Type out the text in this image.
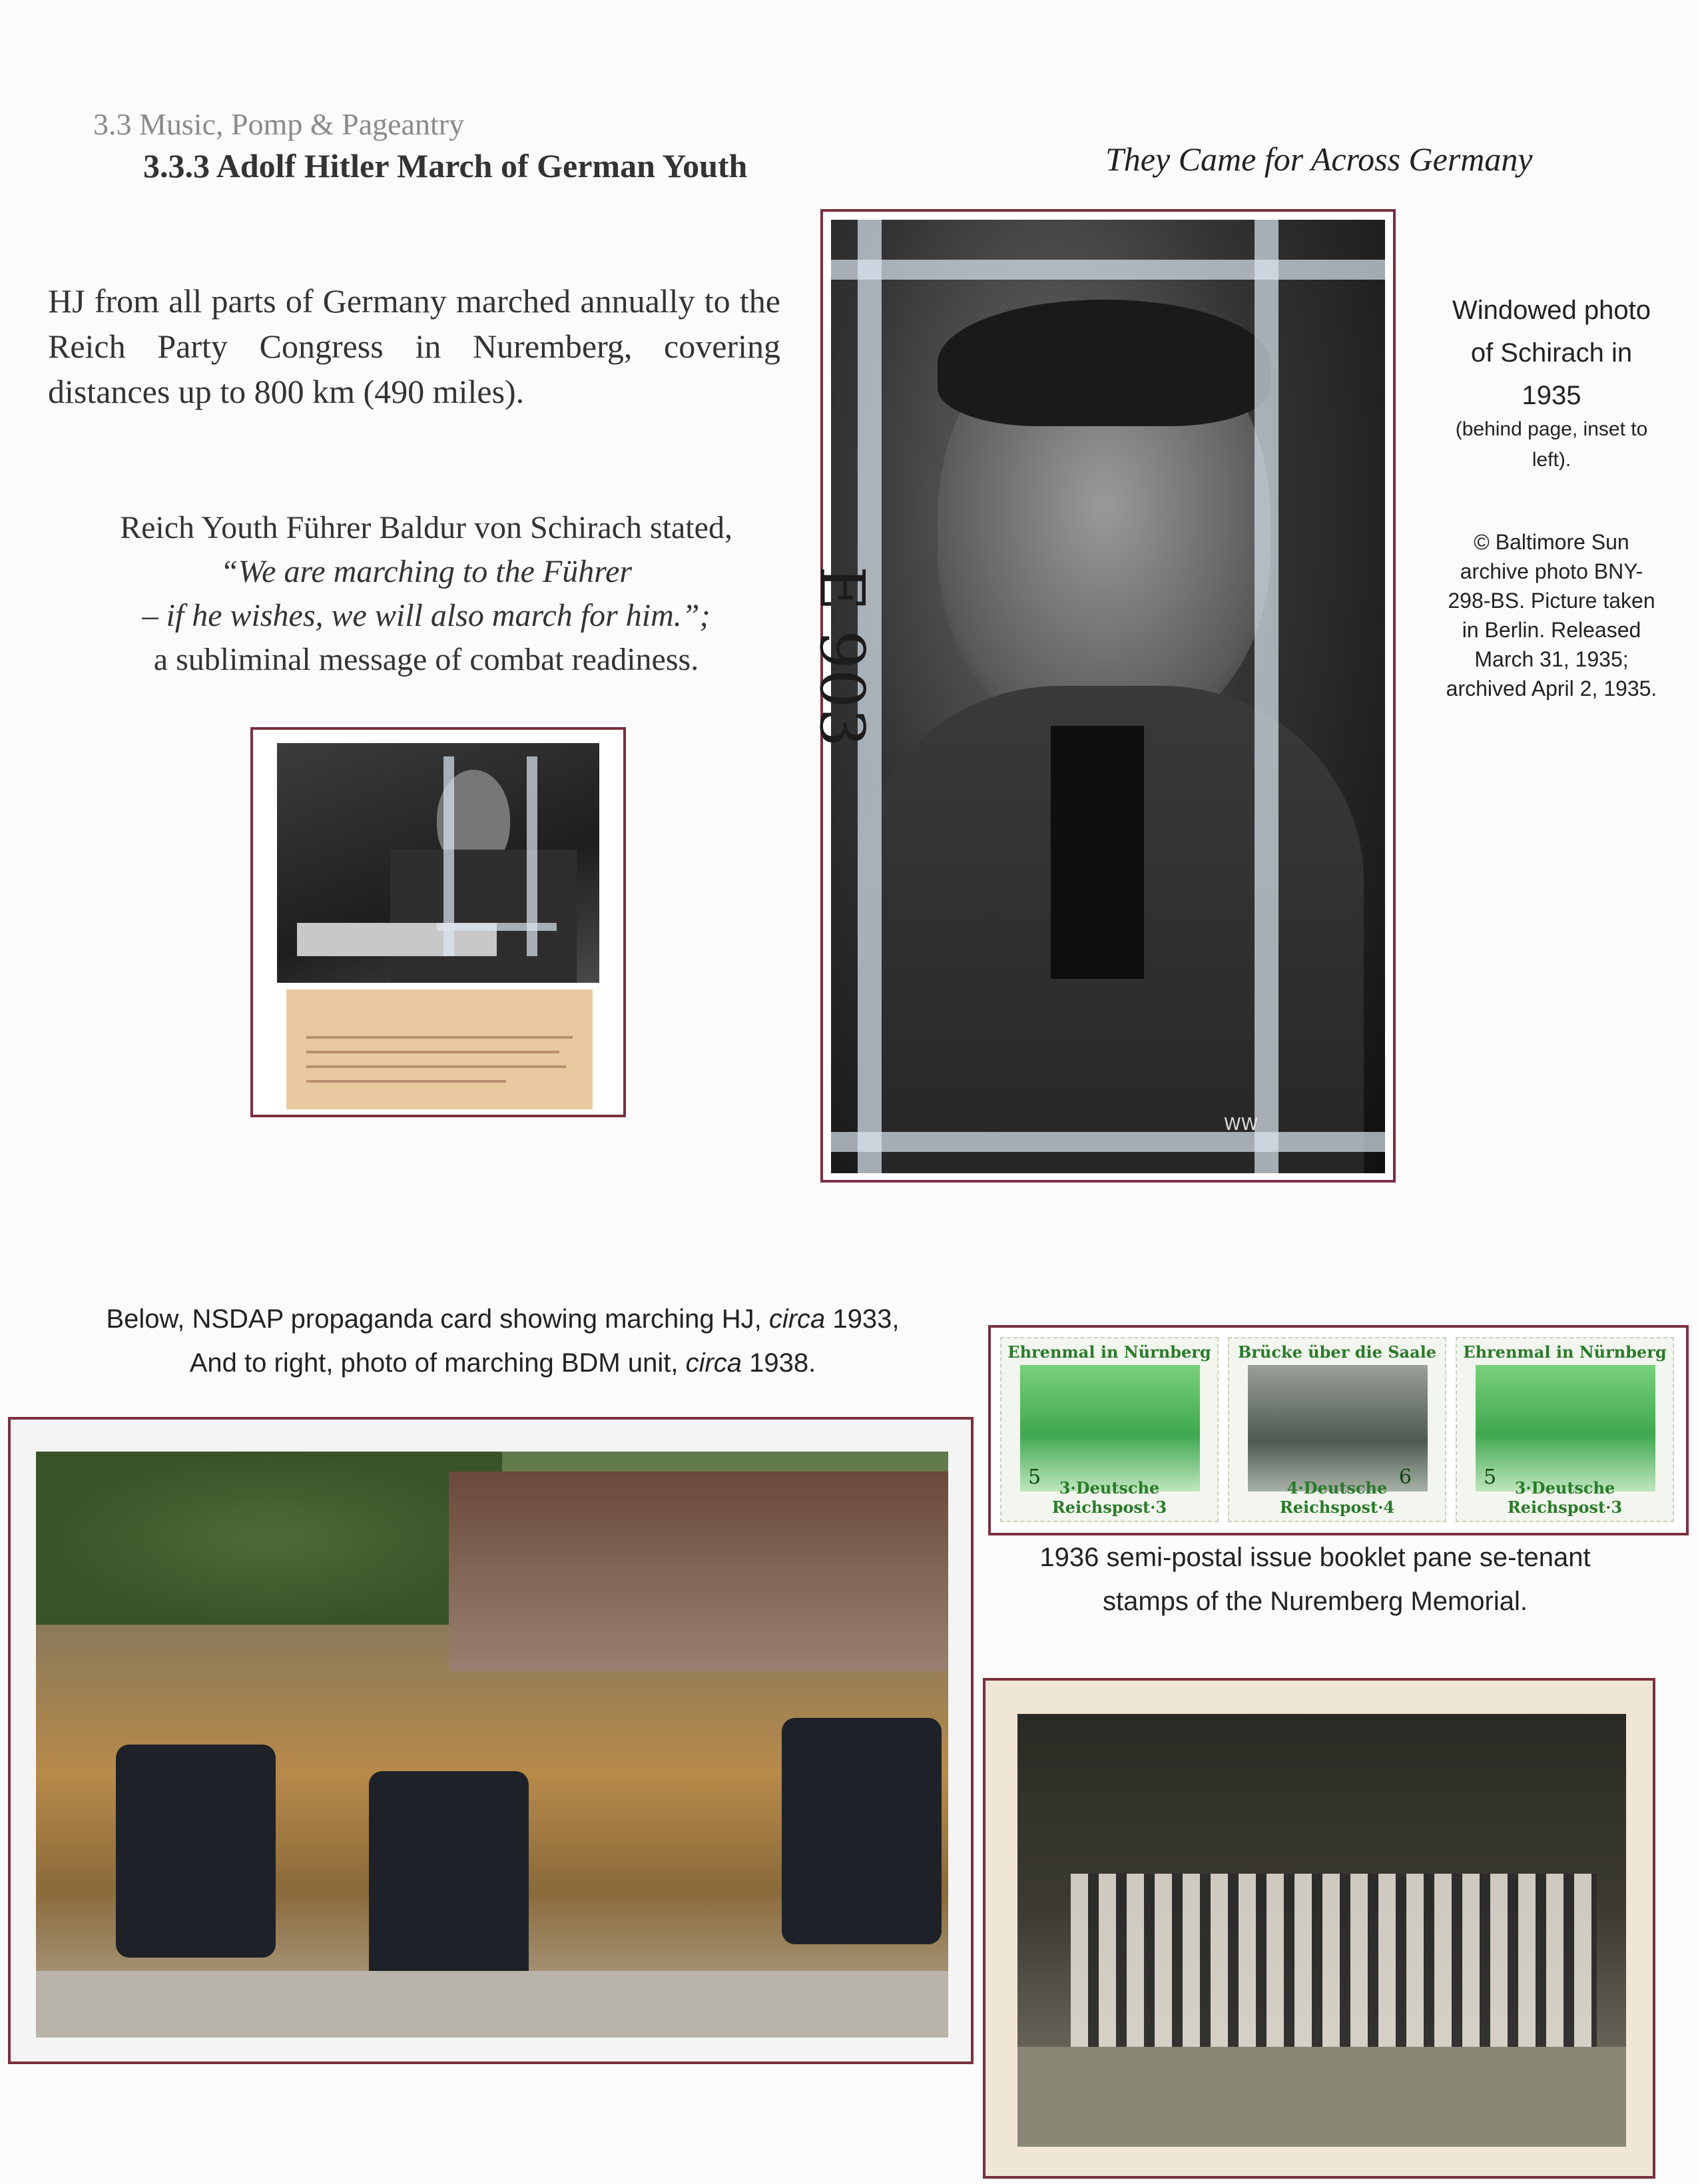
3.3 Music, Pomp & Pageantry
3.3.3 Adolf Hitler March of German Youth	They Came for Across Germany
HJ from all parts of Germany marched annually to the Reich Party Congress in Nuremberg, covering distances up to 800 km (490 miles).
Reich Youth Führer Baldur von Schirach stated,
“We are marching to the Führer
– if he wishes, we will also march for him.”;
a subliminal message of combat readiness.	E 903
WW
Windowed photo of Schirach in 1935
(behind page, inset to left).
© Baltimore Sun archive photo BNY-298-BS. Picture taken in Berlin. Released March 31, 1935; archived April 2, 1935.
Below, NSDAP propaganda card showing marching HJ, circa 1933,
And to right, photo of marching BDM unit, circa 1938.	Ehrenmal in Nürnberg
5	3·Deutsche Reichspost·3
Brücke über die Saale
6
4·Deutsche Reichspost·4
Ehrenmal in Nürnberg
5	3·Deutsche Reichspost·3
1936 semi-postal issue booklet pane se-tenant stamps of the Nuremberg Memorial.
